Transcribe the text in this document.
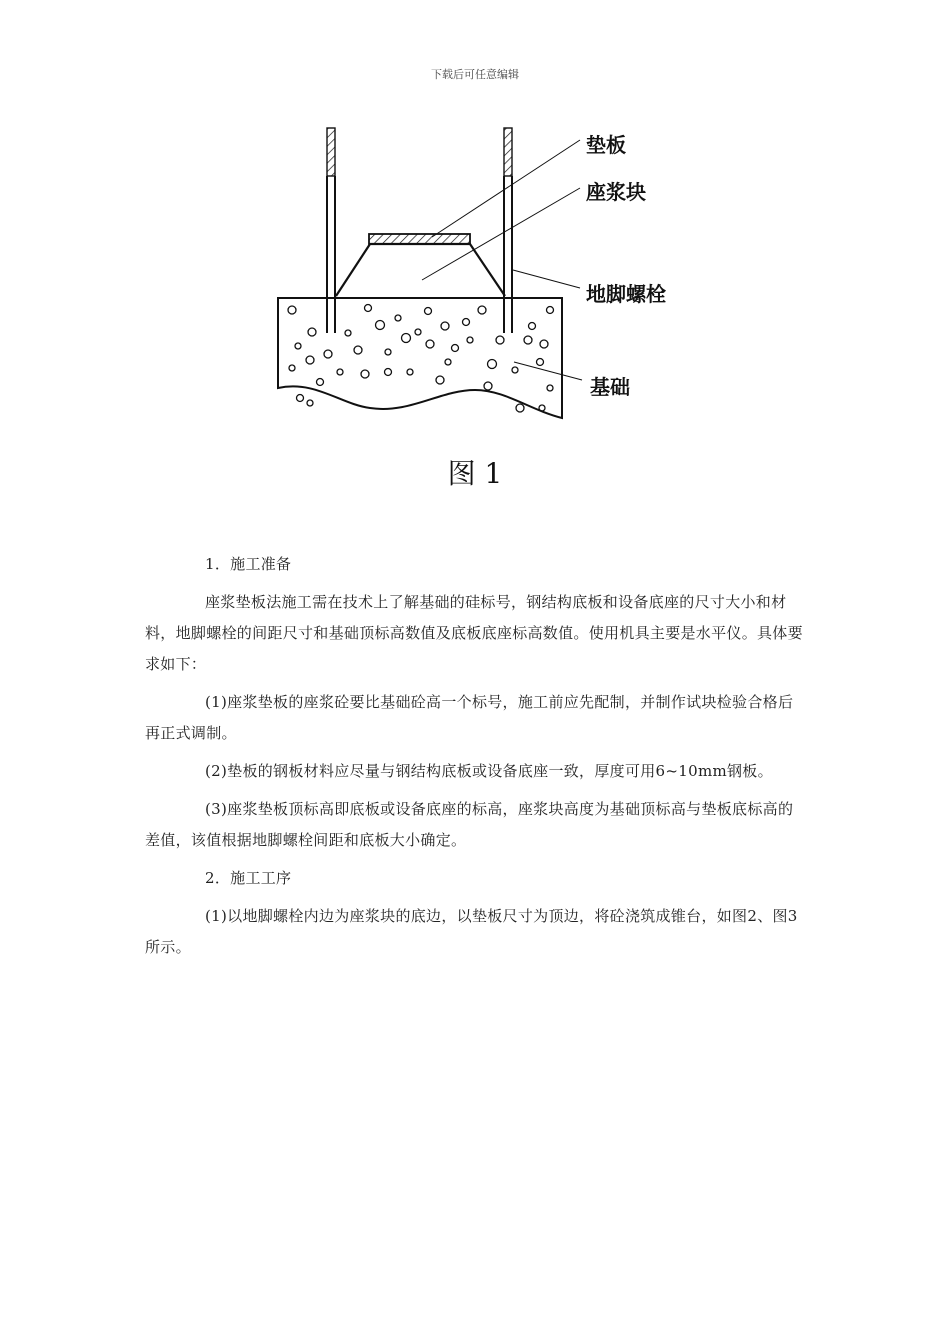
下载后可任意编辑
垫板
座浆块
地脚螺栓
基础
图 1

1．施工准备

座浆垫板法施工需在技术上了解基础的硅标号，钢结构底板和设备底座的尺寸大小和材料，地脚螺栓的间距尺寸和基础顶标高数值及底板底座标高数值。使用机具主要是水平仪。具体要求如下：

(1)座浆垫板的座浆砼要比基础砼高一个标号，施工前应先配制，并制作试块检验合格后再正式调制。

(2)垫板的钢板材料应尽量与钢结构底板或设备底座一致，厚度可用6~10mm钢板。

(3)座浆垫板顶标高即底板或设备底座的标高，座浆块高度为基础顶标高与垫板底标高的差值，该值根据地脚螺栓间距和底板大小确定。

2．施工工序

(1)以地脚螺栓内边为座浆块的底边，以垫板尺寸为顶边，将砼浇筑成锥台，如图2、图3所示。
